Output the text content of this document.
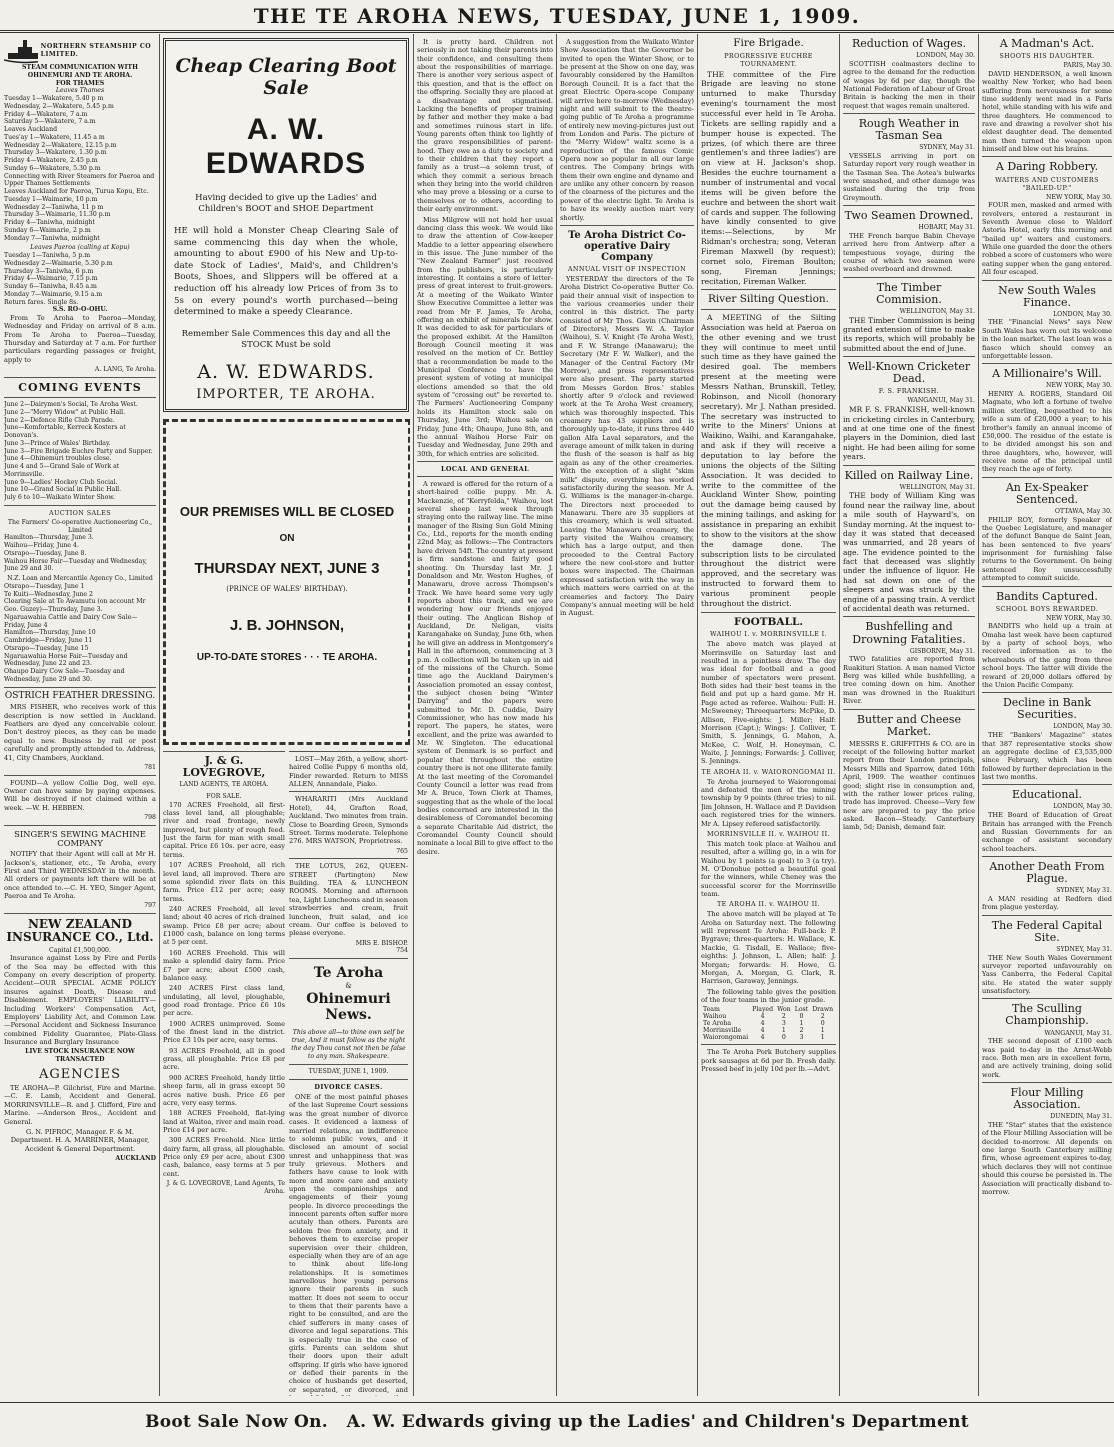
THE TE AROHA NEWS, TUESDAY, JUNE 1, 1909.
NORTHERN STEAMSHIP CO LIMITED.
STEAM COMMUNICATION WITH OHINEMURI AND TE AROHA.
FOR THAMES
Leaves Thames
Tuesday 1—Wakatere, 5.40 p m
Wednesday, 2—Wakatere, 5.45 p.m
Friday 4—Wakatere, 7 a.m
Saturday 5—Wakatere, 7 a.m
Leaves Auckland
Tues'ay 1—Wakatere, 11.45 a m
Wednesday 2—Wakatere, 12.15 p.m
Thursday 3—Wakatere, 1.30 p.m
Friday 4—Wakatere, 2.45 p.m
Sunday 6—Wakatere, 5.30 p.m
Connecting with River Steamers for Paeroa and Upper Thames Settlements
Leaves Auckland for Paeroa, Turua Kopu, Etc.
Tuesday 1—Waimarie, 10 p.m
Wednesday 2—Taniwha, 11 p m
Thursday 3—Waimarie, 11.30 p.m
Friday 4—Taniwha, midnight
Sunday 6—Waimarie, 2 p.m
Monday 7—Taniwha, midnight
Leaves Paeroa (calling at Kopu)
Tuesday 1—Taniwha, 5 p.m
Wednesday 2—Waimarie, 5.30 p.m
Thursday 3—Taniwha, 6 p.m
Friday 4—Waimarie, 7.15 p.m
Sunday 6—Taniwha, 8.45 a.m
Monday 7—Waimarie, 9.15 a.m
Return fares. Single 8s.
S.S. RO-O-OHU.

From Te Aroha to Paeroa—Monday, Wednesday and Friday on arrival of 8 a.m. From Te Aroha to Paeroa—Tuesday, Thursday and Saturday at 7 a.m. For further particulars regarding passages or freight, apply to

A. LANG, Te Aroha.
COMING EVENTS
June 2—Dairymen's Social, Te Aroha West.
June 2—"Merry Widow" at Public Hall.
June 2—Defence Rifle Club Parade.
June—Komfortable, Kerreck Kosters at Donovan's.
June 3—Prince of Wales' Birthday.
June 3—Fire Brigade Euchre Party and Supper.
June 4—Ohinemuri troubles close.
June 4 and 5—Grand Sale of Work at Morrinsville.
June 9—Ladies' Hockey Club Social.
June 10—Grand Social in Public Hall.
July 6 to 10—Waikato Winter Show.
AUCTION SALES
The Farmers' Co-operative Auctioneering Co., Limited
Hamilton—Thursday, June 3.
Waihou—Friday, June 4.
Otsrapo—Tuesday, June 8.
Waihou Horse Fair—Tuesday and Wednesday, June 29 and 30.
N.Z. Loan and Mercantile Agency Co., Limited
Otsrapo—Tuesday, June 1
Te Kuiti—Wednesday, June 2
Clearing Sale at Te Awamutu (on account Mr Geo. Guzey)—Thursday, June 3.
Ngaruawahia Cattle and Dairy Cow Sale—Friday, June 4
Hamilton—Thursday, June 10
Cambridge—Friday, June 11
Otsrapo—Tuesday, June 15
Ngaruawahia Horse Fair—Tuesday and Wednesday, June 22 and 23.
Ohaupo Dairy Cow Sale—Tuesday and Wednesday, June 29 and 30.
OSTRICH FEATHER DRESSING.

MRS FISHER, who receives work of this description is now settled in Auckland. Feathers are dyed any conceivable colour. Don't destroy pieces, as they can be made equal to new. Business by rail or post carefully and promptly attended to. Address, 41, City Chambers, Auckland.

781

FOUND—A yellow Collie Dog, well eye. Owner can have same by paying expenses. Will be destroyed if not claimed within a week. —W. H. HEBBEN.

798
SINGER'S SEWING MACHINE COMPANY

NOTIFY that their Agent will call at Mr H. Jackson's, stationer, etc., Te Aroha, every First and Third WEDNESDAY in the month. All orders or payments left there will be at once attended to.—C. H. YEO, Singer Agent, Paeroa and Te Aroha.

797
NEW ZEALAND INSURANCE CO., Ltd.
Capital £1,500,000.

Insurance against Loss by Fire and Perils of the Sea may be effected with this Company on every description of property. Accident—OUR SPECIAL ACME POLICY insures against Death, Disease and Disablement. EMPLOYERS' LIABILITY—Including Workers' Compensation Act, Employers' Liability Act, and Common Law.—Personal Accident and Sickness Insurance combined Fidelity Guarantee, Plate-Glass Insurance and Burglary Insurance

LIVE STOCK INSURANCE NOW TRANSACTED
AGENCIES

TE AROHA—P. Gilchrist, Fire and Marine. —C. E. Lamb, Accident and General. MORRINSVILLE—R. and J. Clifford, Fire and Marine. —Anderson Bros., Accident and General.

G. N. PIFROC, Manager. F. & M. Department. H. A. MARRINER, Manager, Accident & General Department.

AUCKLAND
Cheap Clearing Boot Sale
A. W. EDWARDS
Having decided to give up the Ladies' and Children's BOOT and SHOE Department
HE will hold a Monster Cheap Clearing Sale of same commencing this day when the whole, amounting to about £900 of his New and Up-to-date Stock of Ladies', Maid's, and Children's Boots, Shoes, and Slippers will be offered at a reduction off his already low Prices of from 3s to 5s on every pound's worth purchased—being determined to make a speedy Clearance.
Remember Sale Commences this day and all the STOCK Must be sold
A. W. EDWARDS.
IMPORTER, TE AROHA.
OUR PREMISES WILL BE CLOSED
ON
THURSDAY NEXT, JUNE 3
(PRINCE OF WALES' BIRTHDAY).
J. B. JOHNSON,
UP-TO-DATE STORES · · · TE AROHA.
J. & G. LOVEGROVE,
LAND AGENTS, TE AROHA.
FOR SALE.
170 ACRES Freehold, all first-class level land, all ploughable; river and road frontage, newly improved, but plenty of rough feed. Just the farm for man with small capital. Price £6 10s. per acre, easy terms.
107 ACRES Freehold, all rich level land, all improved. There are some splendid river flats on this farm. Price £12 per acre; easy terms.
240 ACRES Freehold, all level land; about 40 acres of rich drained swamp. Price £8 per acre; about £1000 cash, balance on long terms at 5 per cent.
160 ACRES Freehold. This will make a splendid dairy farm. Price £7 per acre; about £500 cash, balance easy.
240 ACRES First class land, undulating, all level, ploughable, good road frontage. Price £6 10s per acre.
1900 ACRES unimproved. Some of the finest land in the district. Price £3 10s per acre, easy terms.
93 ACRES Freehold, all in good grass, all ploughable. Price £8 per acre.
900 ACRES Freehold, handy little sheep farm, all in grass except 50 acres native bush. Price £6 per acre, very easy terms.
188 ACRES Freehold, flat-lying land at Waitoa, river and main road. Price £14 per acre.
300 ACRES Freehold. Nice little dairy farm, all grass, all ploughable. Price only £9 per acre, about £300 cash, balance, easy terms at 5 per cent.
J. & G. LOVEGROVE, Land Agents, Te Aroha.

LOST—May 26th, a yellow, short-haired Collie Puppy 6 months old, Finder rewarded. Return to MISS ALLEN, Annandale, Piako.

WHARARITI (Mrs Auckland Hotel), 44, Grafton Road, Auckland. Two minutes from train. Close to Boarding Green, Symonds Street. Terms moderate. Telephone 276. MRS WATSON, Proprietress.

765

THE LOTUS, 262, QUEEN-STREET (Partington) New Building. TEA & LUNCHEON ROOMS. Morning and afternoon tea, Light Luncheons and in season strawberries and cream, fruit luncheon, fruit salad, and ice cream. Our coffee is beloved to please everyone.

MRS E. BISHOP.
754
Te Aroha
&
Ohinemuri News.
This above all—to thine own self be true, And it must follow as the night the day Thou canst not then be false to any man. Shakespeare.
TUESDAY, JUNE 1, 1909.
DIVORCE CASES.

ONE of the most painful phases of the last Supreme Court sessions was the great number of divorce cases. It evidenced a laxness of married relations, an indifference to solemn public vows, and it disclosed an amount of social unrest and unhappiness that was truly grievous. Mothers and fathers have cause to look with more and more care and anxiety upon the companionships and engagements of their young people. In divorce proceedings the innocent parents often suffer more acutely than others. Parents are seldom free from anxiety, and it behoves them to exercise proper supervision over their children, especially when they are of an age to think about life-long relationships. It is sometimes marvellous how young persons ignore their parents in such matter. It does not seem to occur to them that their parents have a right to be consulted, and are the chief sufferers in many cases of divorce and legal separations. This is especially true in the case of girls. Parents can seldom shut their doors upon their adult offspring. If girls who have ignored or defied their parents in the choice of husbands get deserted, or separated, or divorced, and

It is pretty hard. Children not seriously in not taking their parents into their confidence, and consulting them about the responsibilities of marriage. There is another very serious aspect of this question, and that is the effect on the offspring. Socially they are placed at a disadvantage and stigmatised. Lacking the benefits of proper training by father and mother they make a bad and sometimes ruinous start in life. Young parents often think too lightly of the grave responsibilities of parent-hood. They owe as a duty to society and to their children that they report a family as a trust—a solemn trust, of which they commit a serious breach when they bring into the world children who may prove a blessing or a curse to themselves or to others, according to their early environment.

Miss Milgrew will not hold her usual dancing class this week. We would like to draw the attention of Cow-keeper Maddie to a letter appearing elsewhere in this issue. The June number of the "New Zealand Farmer" just received from the publishers, is particularly interesting. It contains a store of letter-press of great interest to fruit-growers. At a meeting of the Waikato Winter Show Executive Committee a letter was read from Mr F. James, Te Aroha, offering an exhibit of minerals for show. It was decided to ask for particulars of the proposed exhibit. At the Hamilton Borough Council meeting it was resolved on the motion of Cr. Bettley that a recommendation be made to the Municipal Conference to have the present system of voting at municipal elections amended so that the old system of "crossing out" be reverted to. The Farmers' Auctioneering Company holds its Hamilton stock sale on Thursday, June 3rd; Waihou sale on Friday, June 4th; Ohaupo, June 8th, and the annual Waihou Horse Fair on Tuesday and Wednesday, June 29th and 30th, for which entries are solicited.

LOCAL AND GENERAL

A reward is offered for the return of a short-haired collie puppy. Mr. A. Mackenzie, of "Kerryfelda," Waihou, lost several sheep last week through straying onto the railway line. The mine manager of the Rising Sun Gold Mining Co., Ltd., reports for the month ending 22nd May, as follows:—The Contractors have driven 54ft. The country at present is firm sandstone and fairly good shooting. On Thursday last Mr. J. Donaldson and Mr. Weston Hughes, of Manawaru, drove across Thompson's Track. We have heard some very ugly reports about this track, and we are wondering how our friends enjoyed their outing. The Anglican Bishop of Auckland, Dr. Neligan, visits Karangahake on Sunday, June 6th, when he will give an address in Montgomery's Hall in the afternoon, commencing at 3 p.m. A collection will be taken up in aid of the missions of the Church. Some time ago the Auckland Dairymen's Association promoted an essay contest, the subject chosen being "Winter Dairying" and the papers were submitted to Mr. D. Cuddie, Dairy Commissioner, who has now made his report. The papers, he states, were excellent, and the prize was awarded to Mr. W. Singleton. The educational system of Denmark is so perfect and popular that throughout the entire country there is not one illiterate family. At the last meeting of the Coromandel County Council a letter was read from Mr A. Bruce, Town Clerk at Thames, suggesting that as the whole of the local bodies concerned are interested in the desirableness of Coromandel becoming a separate Charitable Aid district, the Coromandel County Council should nominate a local Bill to give effect to the desire.

A suggestion from the Waikato Winter Show Association that the Governor be invited to open the Winter Show, or to be present at the Show on one day, was favourably considered by the Hamilton Borough Council. It is a fact that the great Electric Opera-scope Company will arrive here to-morrow (Wednesday) night and will submit to the theatre-going public of Te Aroha a programme of entirely new moving-pictures just out from London and Paris. The picture of the "Merry Widow" waltz scene is a reproduction of the famous Comic Opera now so popular in all our large centres. The Company brings with them their own engine and dynamo and are unlike any other concern by reason of the clearness of the pictures and the power of the electric light. Te Aroha is to have its weekly auction mart very shortly.

Te Aroha District Co-operative Dairy Company
ANNUAL VISIT OF INSPECTION

YESTERDAY the directors of the Te Aroha District Co-operative Butter Co. paid their annual visit of inspection to the various creameries under their control in this district. The party consisted of Mr Thos. Gavin (Chairman of Directors), Messrs W. A. Taylor (Waihou), S. V. Knight (Te Aroha West), and F. W. Strange (Manawaru); the Secretary (Mr F. W. Walker), and the Manager of the Central Factory (Mr Morrow), and press representatives were also present. The party started from Messrs Gordon Bros.' stables shortly after 9 o'clock and reviewed work at the Te Aroha West creamery, which was thoroughly inspected. This creamery has 43 suppliers and is thoroughly up-to-date, it runs three 440 gallon Alfa Laval separators, and the average amount of milk taken in during the flush of the season is half as big again as any of the other creameries. With the exception of a slight "skim milk" dispute, everything has worked satisfactorily during the season. Mr A. G. Williams is the manager-in-charge. The Directors next proceeded to Manawaru. There are 35 suppliers at this creamery, which is well situated. Leaving the Manawaru creamery, the party visited the Waihou creamery, which has a large output, and then proceeded to the Central Factory where the new cool-store and butter boxes were inspected. The Chairman expressed satisfaction with the way in which matters were carried on at the creameries and factory. The Dairy Company's annual meeting will be held in August.

Fire Brigade.
PROGRESSIVE EUCHRE TOURNAMENT.

THE committee of the Fire Brigade are leaving no stone unturned to make Thursday evening's tournament the most successful ever held in Te Aroha. Tickets are selling rapidly and a bumper house is expected. The prizes, (of which there are three gentlemen's and three ladies') are on view at H. Jackson's shop. Besides the euchre tournament a number of instrumental and vocal items will be given before the euchre and between the short wait of cards and supper. The following have kindly consented to give items:—Selections, by Mr Ridman's orchestra; song, Veteran Fireman Maxwell (by request); cornet solo, Fireman Boulton; song, Fireman Jennings; recitation, Fireman Walker.

River Silting Question.

A MEETING of the Silting Association was held at Paeroa on the other evening and we trust they will continue to meet until such time as they have gained the desired goal. The members present at the meeting were Messrs Nathan, Brunskill, Tetley, Robinson, and Nicoll (honorary secretary). Mr J. Nathan presided. The secretary was instructed to write to the Miners' Unions at Waikino, Waihi, and Karangahake, and ask if they will receive a deputation to lay before the unions the objects of the Silting Association. It was decided to write to the committee of the Auckland Winter Show, pointing out the damage being caused by the mining tailings, and asking for assistance in preparing an exhibit to show to the visitors at the show the damage done. The subscription lists to be circulated throughout the district were approved, and the secretary was instructed to forward them to various prominent people throughout the district.

FOOTBALL.
WAIHOU I. v. MORRINSVILLE I.

The above match was played at Morrinsville on Saturday last and resulted in a pointless draw. The day was ideal for football and a good number of spectators were present. Both sides had their best teams in the field and put up a hard game. Mr H. Page acted as referee. Waihou: Full: H. McSweeney; Threequarters: McPike, D. Allison, Five-eights: J. Miller; Half: Morrison (Capt.); Wings: J. Colliver, T. Smith, S. Jennings, G. Mahon, A. McKee, C. Wolf, H. Honeyman, C. Waite, J. Jennings; Forwards: J. Colliver, S. Jennings.

TE AROHA II. v. WAIORONGOMAI II.

Te Aroha journeyed to Waiorongomai and defeated the men of the mining township by 9 points (three tries) to nil. Jim Johnson, H. Wallace and P. Davidson each registered tries for the winners. Mr A. Lipsey refereed satisfactorily.

MORRINSVILLE II. v. WAIHOU II.

This match took place at Waihou and resulted, after a willing go, in a win for Waihou by 1 points (a goal) to 3 (a try). M. O'Donohue potted a beautiful goal for the winners, while Cheney was the successful scorer for the Morrinsville team.

TE AROHA II. v. WAIHOU II.

The above match will be played at Te Aroha on Saturday next. The following will represent Te Aroha: Full-back: P. Bygrave; three-quarters: H. Wallace, K. Mackie, G. Tisdall, E. Wallace; five-eighths: J. Johnson, L. Allen; half: J. Morgan; forwards: H. Howe, G. Morgan, A. Morgan, G. Clark, R. Harrison, Garaway, Jennings.

The following table gives the position of the four teams in the junior grade.

Team	Played	Won	Lost	Drawn		
Waihou	4	2	0	2		
Te Aroha	4	3	1	0		
Morrinsville	4	1	2	1		
Waiorongomai	4	0	3	1		

The Te Aroha Pork Butchery supplies pork sausages at 6d per lb. Fresh daily. Pressed beef in jelly 10d per lb.—Advt.

Reduction of Wages.
LONDON, May 30.

SCOTTISH coalmasters decline to agree to the demand for the reduction of wages by 6d per day, though the National Federation of Labour of Great Britain is backing the men in their request that wages remain unaltered.

Rough Weather in Tasman Sea
SYDNEY, May 31.

VESSELS arriving in port on Saturday report very rough weather in the Tasman Sea. The Aotea's bulwarks were smashed, and other damage was sustained during the trip from Greymouth.

Two Seamen Drowned.
HOBART, May 31.

THE French barque Babin Chevaye arrived here from Antwerp after a tempestuous voyage, during the course of which two seamen were washed overboard and drowned.

The Timber Commision.
WELLINGTON, May 31.

THE Timber Commission is being granted extension of time to make its reports, which will probably be submitted about the end of June.

Well-Known Cricketer Dead.
F. S. FRANKISH.
WANGANUI, May 31.

MR F. S. FRANKISH, well-known in cricketing circles in Canterbury, and at one time one of the finest players in the Dominion, died last night. He had been ailing for some years.

Killed on Railway Line.
WELLINGTON, May 31.

THE body of William King was found near the railway line, about a mile south of Hayward's, on Sunday morning. At the inquest to-day it was stated that deceased was unmarried, and 28 years of age. The evidence pointed to the fact that deceased was slightly under the influence of liquor. He had sat down on one of the sleepers and was struck by the engine of a passing train. A verdict of accidental death was returned.

Bushfelling and Drowning Fatalities.
GISBORNE, May 31.

TWO fatalities are reported from Ruakituri Station. A man named Victor Berg was killed while bushfelling, a tree coming down on him. Another man was drowned in the Ruakituri River.

Butter and Cheese Market.

MESSRS E. GRIFFITHS & CO. are in receipt of the following butter market report from their London principals, Messrs Mills and Sparrow, dated 16th April, 1909. The weather continues good; slight rise in consumption and, with the rather lower prices ruling, trade has improved. Cheese—Very few new are prepared to pay the price asked. Bacon—Steady. Canterbury lamb, 5d; Danish, demand fair.

A Madman's Act.
SHOOTS HIS DAUGHTER.
PARIS, May 30.

DAVID HENDERSON, a well known wealthy New Yorker, who had been suffering from nervousness for some time suddenly went mad in a Paris hotel, while standing with his wife and three daughters. He commenced to rave and drawing a revolver shot his eldest daughter dead. The demented man then turned the weapon upon himself and blew out his brains.

A Daring Robbery.
WAITERS AND CUSTOMERS "BAILED-UP."
NEW YORK, May 30.

FOUR men, masked and armed with revolvers, entered a restaurant in Seventh Avenue close to Waldorf Astoria Hotel, early this morning and "bailed up" waiters and customers. While one guarded the door the others robbed a score of customers who were eating supper when the gang entered. All four escaped.

New South Wales Finance.
LONDON, May 30.

THE "Financial News" says New South Wales has worn out its welcome in the loan market. The last loan was a fiasco which should convey an unforgettable lesson.

A Millionaire's Will.
NEW YORK, May 30.

HENRY A. ROGERS, Standard Oil Magnate, who left a fortune of twelve million sterling, bequeathed to his wife a sum of £20,000 a year; to his brother's family an annual income of £50,000. The residue of the estate is to be divided amongst his son and three daughters, who, however, will receive none of the principal until they reach the age of forty.

An Ex-Speaker Sentenced.
OTTAWA, May 30.

PHILIP ROY, formerly Speaker of the Quebec Legislature, and manager of the defunct Banque de Saint Jean, has been sentenced to five years' imprisonment for furnishing false returns to the Government. On being sentenced Roy unsuccessfully attempted to commit suicide.

Bandits Captured.
SCHOOL BOYS REWARDED.
NEW YORK, May 30.

BANDITS who held up a train at Omaha last week have been captured by a party of school boys, who received information as to the whereabouts of the gang from three school boys. The latter will divide the reward of 20,000 dollars offered by the Union Pacific Company.

Decline in Bank Securities.
LONDON, May 30.

THE "Bankers' Magazine" states that 387 representative stocks show an aggregate decline of £3,535,000 since February, which has been followed by further depreciation in the last two months.

Educational.
LONDON, May 30.

THE Board of Education of Great Britain has arranged with the French and Russian Governments for an exchange of assistant secondary school teachers.

Another Death From Plague.
SYDNEY, May 31.

A MAN residing at Redfern died from plague yesterday.

The Federal Capital Site.
SYDNEY, May 31.

THE New South Wales Government surveyor reported unfavourably on Yass Canberra, the Federal Capital site. He stated the water supply unsatisfactory.

The Sculling Championship.
WANGANUI, May 31.

THE second deposit of £100 each was paid to-day in the Arnst-Webb race. Both men are in excellent form, and are actively training, doing solid work.

Flour Milling Association.
DUNEDIN, May 31.

THE "Star" states that the existence of the Flour Milling Association will be decided to-morrow. All depends on one large South Canterbury milling firm, whose agreement expires to-day, which declares they will not continue should this course be persisted in. The Association will practically disband to-morrow.

Boot Sale Now On.   A. W. Edwards giving up the Ladies' and Children's Department
